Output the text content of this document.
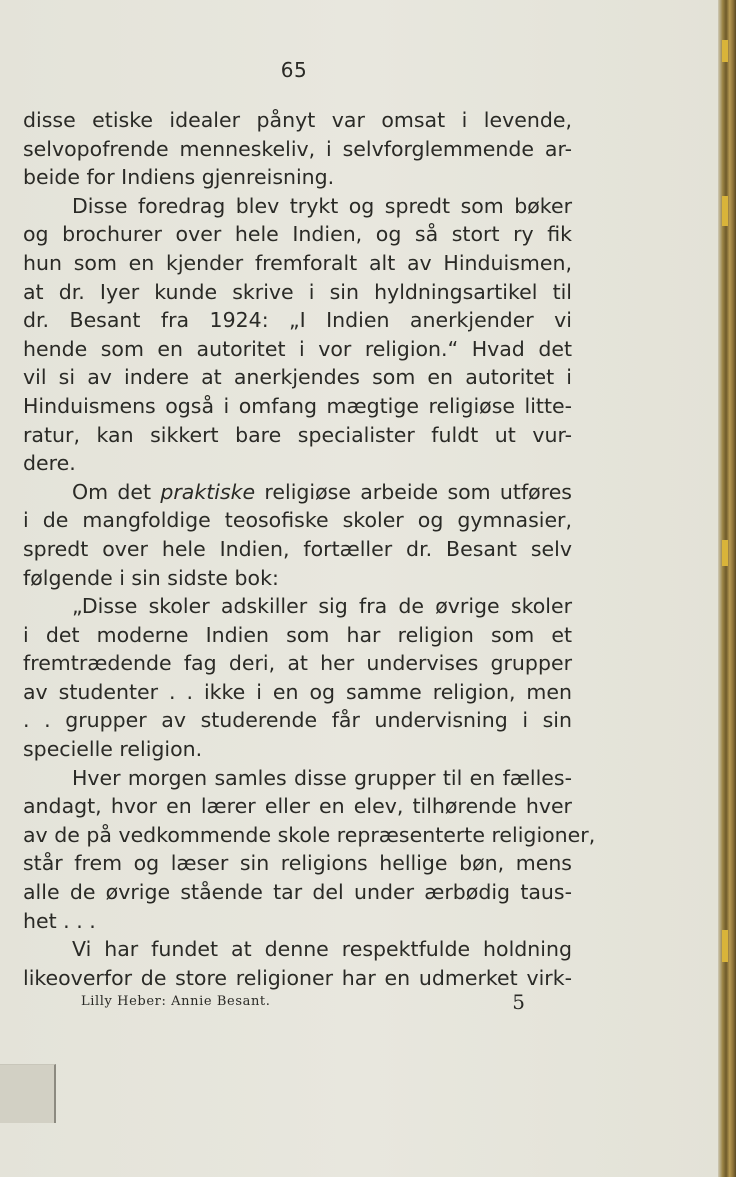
65
disse etiske idealer pånyt var omsat i levende,
selvopofrende menneskeliv, i selvforglemmende ar-
beide for Indiens gjenreisning.
Disse foredrag blev trykt og spredt som bøker
og brochurer over hele Indien, og så stort ry fik
hun som en kjender fremforalt alt av Hinduismen,
at dr. Iyer kunde skrive i sin hyldningsartikel til
dr. Besant fra 1924: „I Indien anerkjender vi
hende som en autoritet i vor religion.“ Hvad det
vil si av indere at anerkjendes som en autoritet i
Hinduismens også i omfang mægtige religiøse litte-
ratur, kan sikkert bare specialister fuldt ut vur-
dere.
Om det praktiske religiøse arbeide som utføres
i de mangfoldige teosofiske skoler og gymnasier,
spredt over hele Indien, fortæller dr. Besant selv
følgende i sin sidste bok:
„Disse skoler adskiller sig fra de øvrige skoler
i det moderne Indien som har religion som et
fremtrædende fag deri, at her undervises grupper
av studenter . . ikke i en og samme religion, men
. . grupper av studerende får undervisning i sin
specielle religion.
Hver morgen samles disse grupper til en fælles-
andagt, hvor en lærer eller en elev, tilhørende hver
av de på vedkommende skole repræsenterte religioner,
står frem og læser sin religions hellige bøn, mens
alle de øvrige stående tar del under ærbødig taus-
het . . .
Vi har fundet at denne respektfulde holdning
likeoverfor de store religioner har en udmerket virk-
Lilly Heber: Annie Besant.	5
